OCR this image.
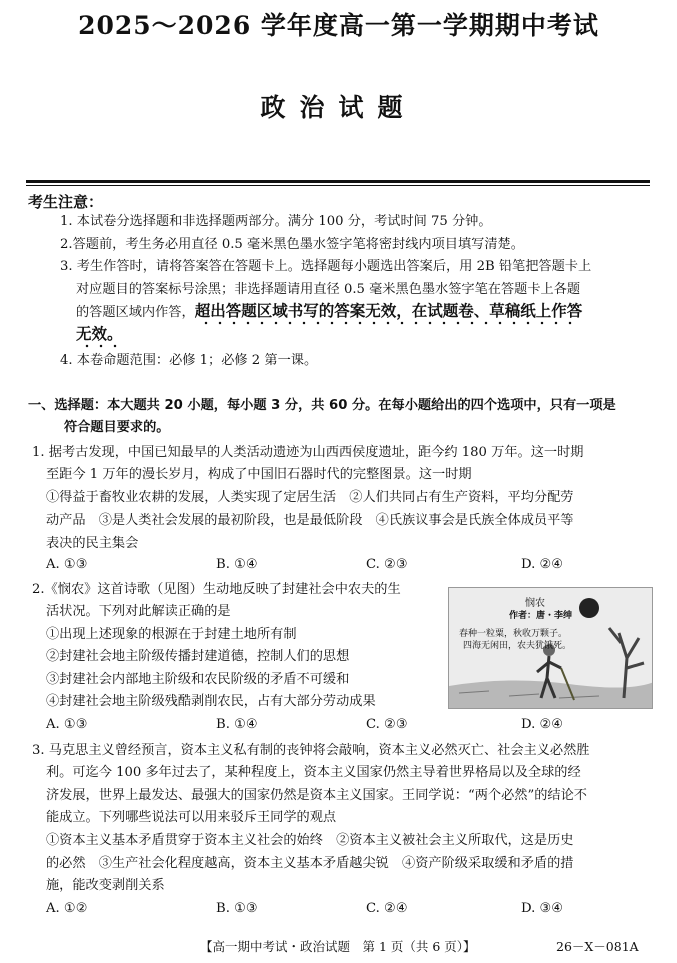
2025～2026 学年度高一第一学期期中考试
政治试题
考生注意：
1. 本试卷分选择题和非选择题两部分。满分 100 分，考试时间 75 分钟。
2.答题前，考生务必用直径 0.5 毫米黑色墨水签字笔将密封线内项目填写清楚。
3. 考生作答时，请将答案答在答题卡上。选择题每小题选出答案后，用 2B 铅笔把答题卡上
对应题目的答案标号涂黑；非选择题请用直径 0.5 毫米黑色墨水签字笔在答题卡上各题
的答题区域内作答，超出答题区域书写的答案无效，在试题卷、草稿纸上作答
无效。
4. 本卷命题范围：必修 1；必修 2 第一课。
一、选择题：本大题共 20 小题，每小题 3 分，共 60 分。在每小题给出的四个选项中，只有一项是
符合题目要求的。
1. 据考古发现，中国已知最早的人类活动遗迹为山西西侯度遗址，距今约 180 万年。这一时期
至距今 1 万年的漫长岁月，构成了中国旧石器时代的完整图景。这一时期
①得益于畜牧业农耕的发展，人类实现了定居生活　②人们共同占有生产资料，平均分配劳
动产品　③是人类社会发展的最初阶段，也是最低阶段　④氏族议事会是氏族全体成员平等
表决的民主集会
A. ①③	B. ①④	C. ②③	D. ②④
2.《悯农》这首诗歌（见图）生动地反映了封建社会中农夫的生
活状况。下列对此解读正确的是
①出现上述现象的根源在于封建土地所有制
②封建社会地主阶级传播封建道德，控制人们的思想
③封建社会内部地主阶级和农民阶级的矛盾不可缓和
④封建社会地主阶级残酷剥削农民，占有大部分劳动成果
A. ①③	B. ①④	C. ②③	D. ②④
悯农
作者：唐・李绅
春种一粒粟，秋收万颗子。
四海无闲田，农夫犹饿死。
3. 马克思主义曾经预言，资本主义私有制的丧钟将会敲响，资本主义必然灭亡、社会主义必然胜
利。可迄今 100 多年过去了，某种程度上，资本主义国家仍然主导着世界格局以及全球的经
济发展，世界上最发达、最强大的国家仍然是资本主义国家。王同学说：“两个必然”的结论不
能成立。下列哪些说法可以用来驳斥王同学的观点
①资本主义基本矛盾贯穿于资本主义社会的始终　②资本主义被社会主义所取代，这是历史
的必然　③生产社会化程度越高，资本主义基本矛盾越尖锐　④资产阶级采取缓和矛盾的措
施，能改变剥削关系
A. ①②	B. ①③	C. ②④	D. ③④
【高一期中考试・政治试题　第 1 页（共 6 页）】	26－X－081A
